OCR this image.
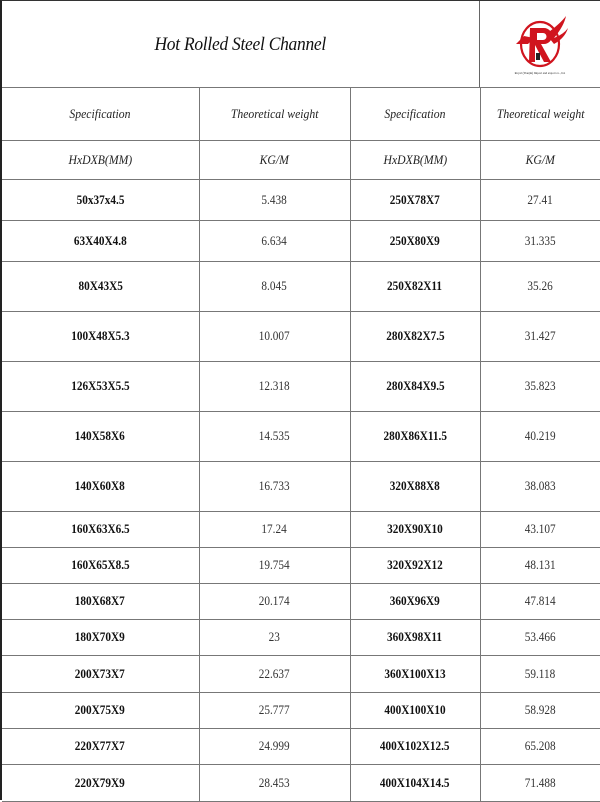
Hot Rolled Steel Channel
Royal (Tianjin) Import and export co., ltd.
Specification	Theoretical weight	Specification	Theoretical weight
HxDXB(MM)	KG/M	HxDXB(MM)	KG/M
50x37x4.5	5.438	250X78X7	27.41
63X40X4.8	6.634	250X80X9	31.335
80X43X5	8.045	250X82X11	35.26
100X48X5.3	10.007	280X82X7.5	31.427
126X53X5.5	12.318	280X84X9.5	35.823
140X58X6	14.535	280X86X11.5	40.219
140X60X8	16.733	320X88X8	38.083
160X63X6.5	17.24	320X90X10	43.107
160X65X8.5	19.754	320X92X12	48.131
180X68X7	20.174	360X96X9	47.814
180X70X9	23	360X98X11	53.466
200X73X7	22.637	360X100X13	59.118
200X75X9	25.777	400X100X10	58.928
220X77X7	24.999	400X102X12.5	65.208
220X79X9	28.453	400X104X14.5	71.488
